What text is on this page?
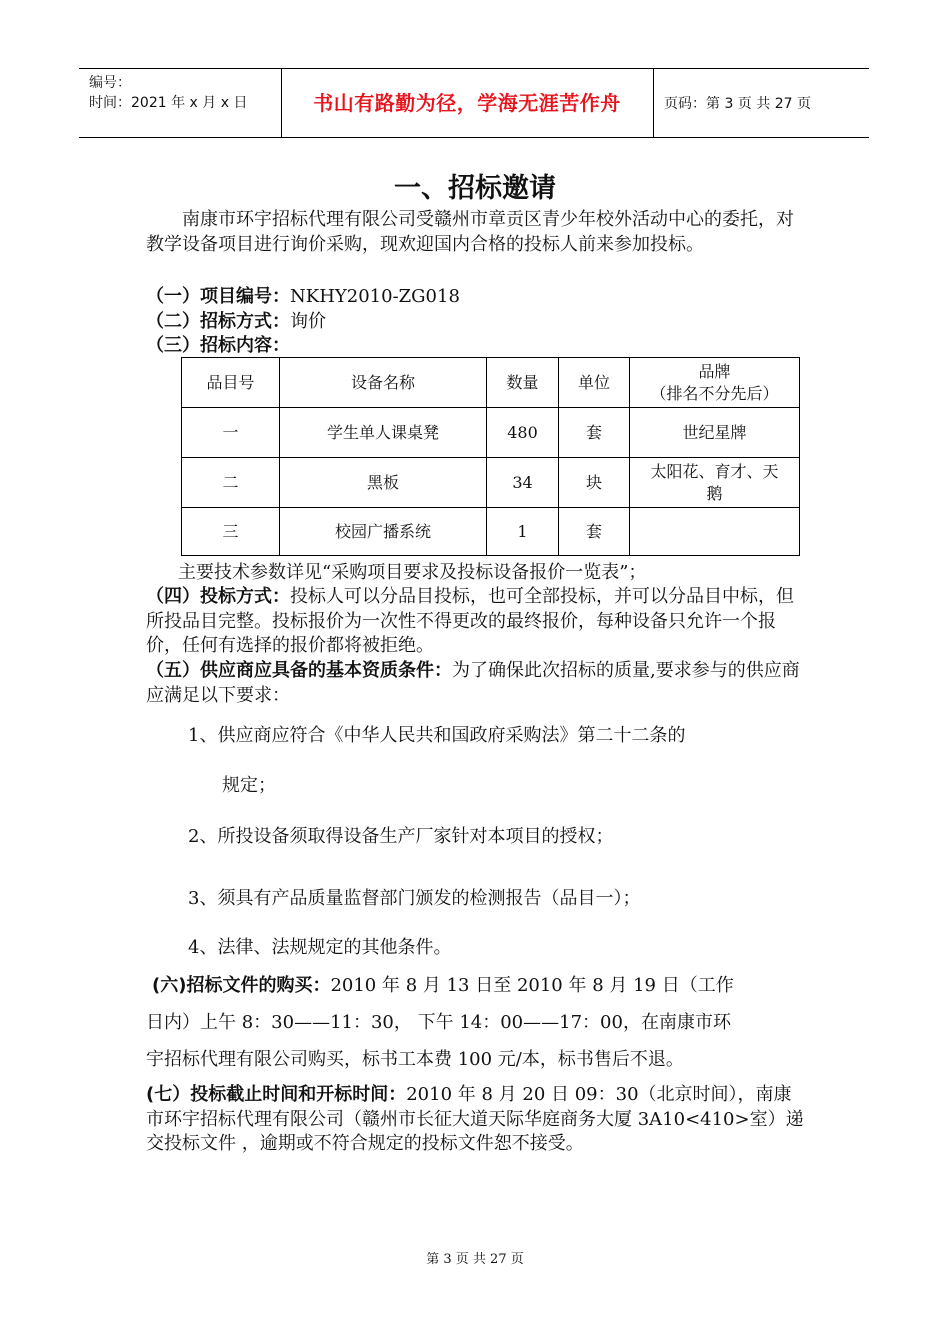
编号：
时间：2021 年 x 月 x 日	书山有路勤为径，学海无涯苦作舟	页码：第 3 页 共 27 页
一、招标邀请
南康市环宇招标代理有限公司受赣州市章贡区青少年校外活动中心的委托，对教学设备项目进行询价采购，现欢迎国内合格的投标人前来参加投标。
（一）项目编号：NKHY2010-ZG018
（二）招标方式：询价
（三）招标内容：
品目号	设备名称	数量	单位	品牌
（排名不分先后）

一	学生单人课桌凳	480	套	世纪星牌
二	黑板	34	块	太阳花、育才、天
鹅

三	校园广播系统	1	套	
主要技术参数详见“采购项目要求及投标设备报价一览表”；
（四）投标方式：投标人可以分品目投标，也可全部投标，并可以分品目中标，但所投品目完整。投标报价为一次性不得更改的最终报价，每种设备只允许一个报价，任何有选择的报价都将被拒绝。
（五）供应商应具备的基本资质条件：为了确保此次招标的质量,要求参与的供应商应满足以下要求：
1、供应商应符合《中华人民共和国政府采购法》第二十二条的
规定；
2、所投设备须取得设备生产厂家针对本项目的授权；
3、须具有产品质量监督部门颁发的检测报告（品目一）；
4、法律、法规规定的其他条件。
(六)招标文件的购买：2010 年 8 月 13 日至 2010 年 8 月 19 日（工作
日内）上午 8：30——11：30， 下午 14：00——17：00，在南康市环
宇招标代理有限公司购买，标书工本费 100 元/本，标书售后不退。
(七）投标截止时间和开标时间：2010 年 8 月 20 日 09：30（北京时间），南康市环宇招标代理有限公司（赣州市长征大道天际华庭商务大厦 3A10<410>室）递交投标文件 ，逾期或不符合规定的投标文件恕不接受。
第 3 页 共 27 页
